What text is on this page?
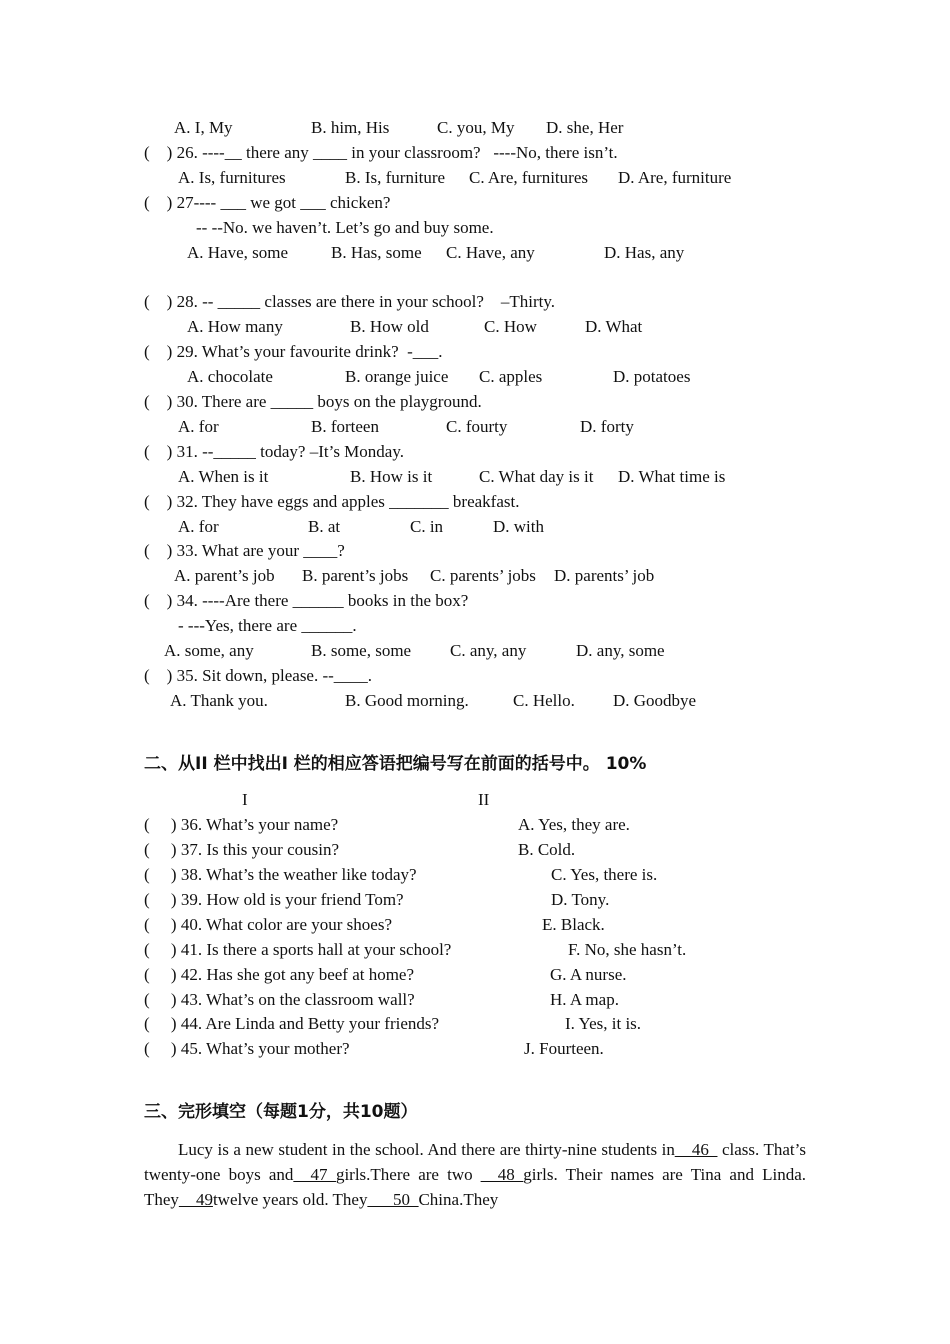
A. I, My	B. him, His	C. you, My D. she, Her
(    ) 26. ----__ there any ____ in your classroom?   ----No, there isn’t.
A. Is, furnitures	B. Is, furniture C. Are, furnitures D. Are, furniture
(    ) 27---- ___ we got ___ chicken?
-- --No. we haven’t. Let’s go and buy some.
A. Have, some	B. Has, some C. Have, any	D. Has, any
(    ) 28. -- _____ classes are there in your school?    –Thirty.
A. How many	B. How old	C. How	D. What
(    ) 29. What’s your favourite drink?  -___.
A. chocolate	B. orange juice C. apples	D. potatoes
(    ) 30. There are _____ boys on the playground.
A. for	B. forteen	C. fourty	D. forty
(    ) 31. --_____ today? –It’s Monday.
A. When is it	B. How is it	C. What day is it D. What time is
(    ) 32. They have eggs and apples _______ breakfast.
A. for	B. at	C. in	D. with
(    ) 33. What are your ____?
A. parent’s job B. parent’s jobs C. parents’ jobs D. parents’ job
(    ) 34. ----Are there ______ books in the box?
- ---Yes, there are ______.
A. some, any	B. some, some C. any, any	D. any, some
(    ) 35. Sit down, please. --____.
A. Thank you.	B. Good morning.	C. Hello. D. Goodbye
二、从II 栏中找出I 栏的相应答语把编号写在前面的括号中。 10%
I	II
(     ) 36. What’s your name?	A. Yes, they are.
(     ) 37. Is this your cousin?	B. Cold.
(     ) 38. What’s the weather like today?	C. Yes, there is.
(     ) 39. How old is your friend Tom?	D. Tony.
(     ) 40. What color are your shoes?	E. Black.
(     ) 41. Is there a sports hall at your school?	F. No, she hasn’t.
(     ) 42. Has she got any beef at home?	G. A nurse.
(     ) 43. What’s on the classroom wall?	H. A map.
(     ) 44. Are Linda and Betty your friends?	I. Yes, it is.
(     ) 45. What’s your mother?	J. Fourteen.
三、完形填空（每题1分，共10题）
Lucy is a new student in the school. And there are thirty-nine students in__46_ class. That’s twenty-one boys and__47_girls.There are two __48_girls. Their names are Tina and Linda. They__49twelve years old. They___50_China.They
